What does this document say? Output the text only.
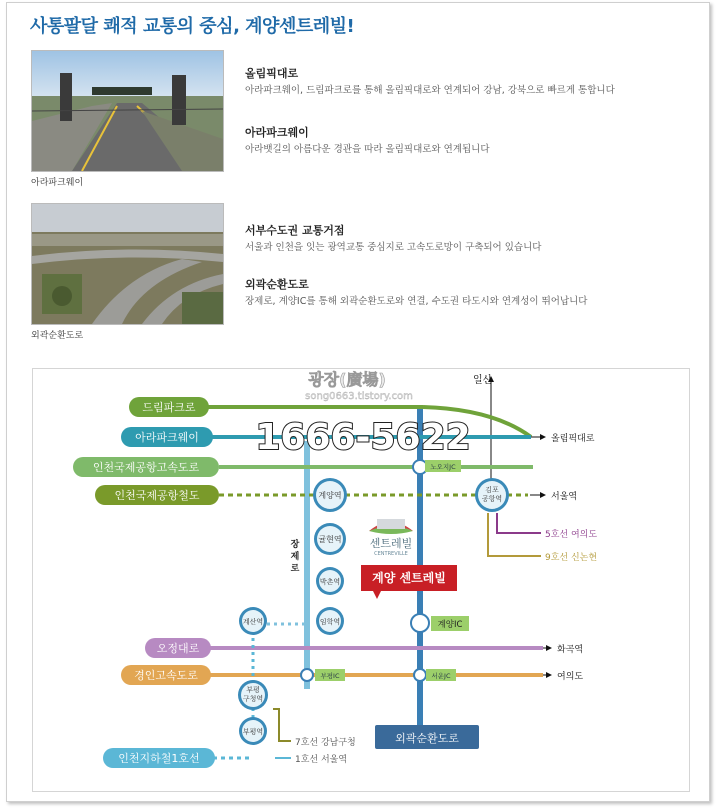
사통팔달 쾌적 교통의 중심, 계양센트레빌!
아라파크웨이
외곽순환도로
올림픽대로
아라파크웨이, 드림파크로를 통해 올림픽대로와 연계되어 강남, 강북으로 빠르게 통합니다
아라파크웨이
아라뱃길의 아름다운 경관을 따라 올림픽대로와 연계됩니다
서부수도권 교통거점
서울과 인천을 잇는 광역교통 중심지로 고속도로망이 구축되어 있습니다
외곽순환도로
장제로, 계양IC를 통해 외곽순환도로와 연결, 수도권 타도시와 연계성이 뛰어납니다
광장(廣場)
song0663.tistory.com
1666-5622
드림파크로
아라파크웨이
인천국제공항고속도로
인천국제공항철도
오정대로
경인고속도로
인천지하철1호선
외곽순환도로
장 제 로
일산
올림픽대로
서울역
화곡역
여의도
5호선 여의도
9호선 신논현
7호선 강남구청
1호선 서울역
계양역
김포 공항역
귤현역
박촌역
임학역
계산역
부평 구청역
부평역
노오지JC
계양IC
부평IC	서운JC
센트레빌
CENTREVILLE
계양 센트레빌
